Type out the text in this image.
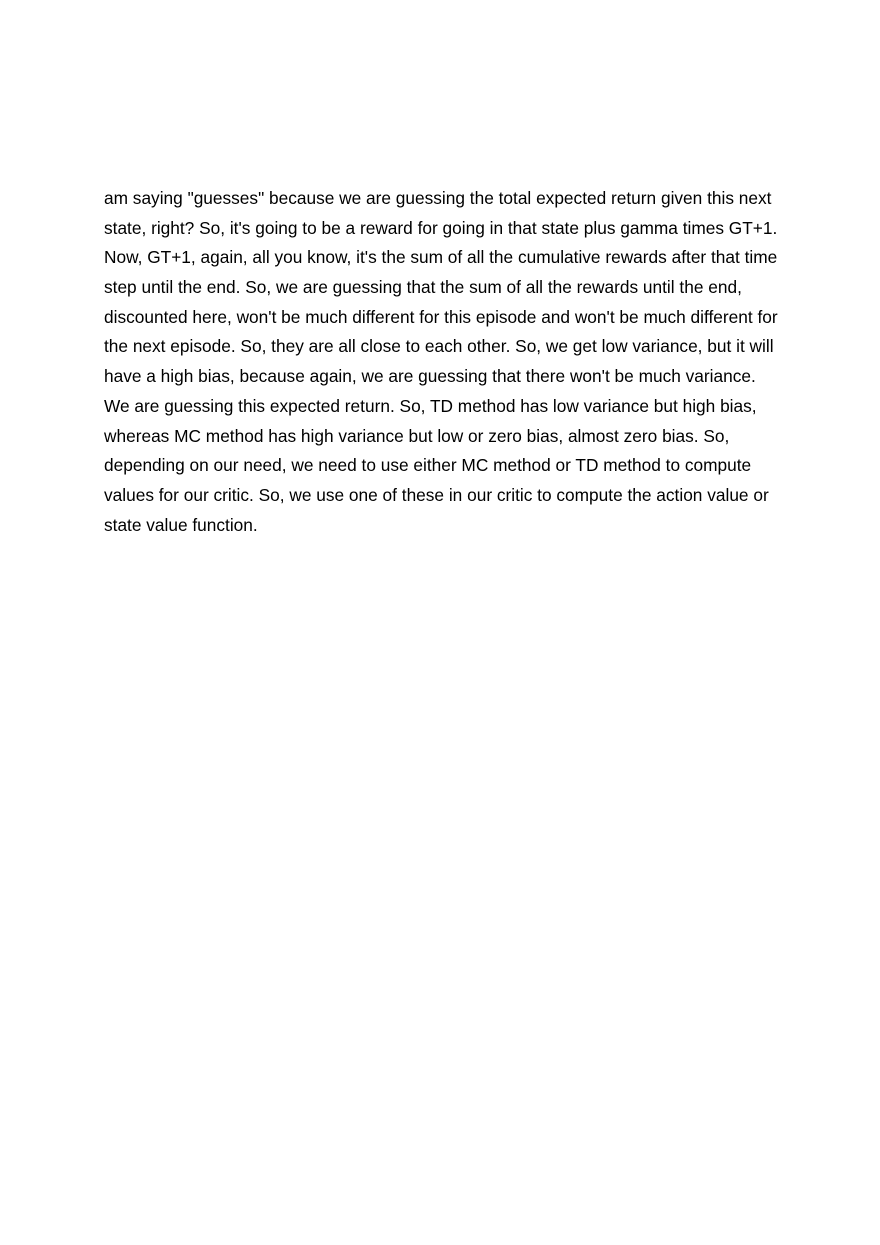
am saying "guesses" because we are guessing the total expected return given this next
state, right? So, it's going to be a reward for going in that state plus gamma times GT+1.
Now, GT+1, again, all you know, it's the sum of all the cumulative rewards after that time
step until the end. So, we are guessing that the sum of all the rewards until the end,
discounted here, won't be much different for this episode and won't be much different for
the next episode. So, they are all close to each other. So, we get low variance, but it will
have a high bias, because again, we are guessing that there won't be much variance.
We are guessing this expected return. So, TD method has low variance but high bias,
whereas MC method has high variance but low or zero bias, almost zero bias. So,
depending on our need, we need to use either MC method or TD method to compute
values for our critic. So, we use one of these in our critic to compute the action value or
state value function.
